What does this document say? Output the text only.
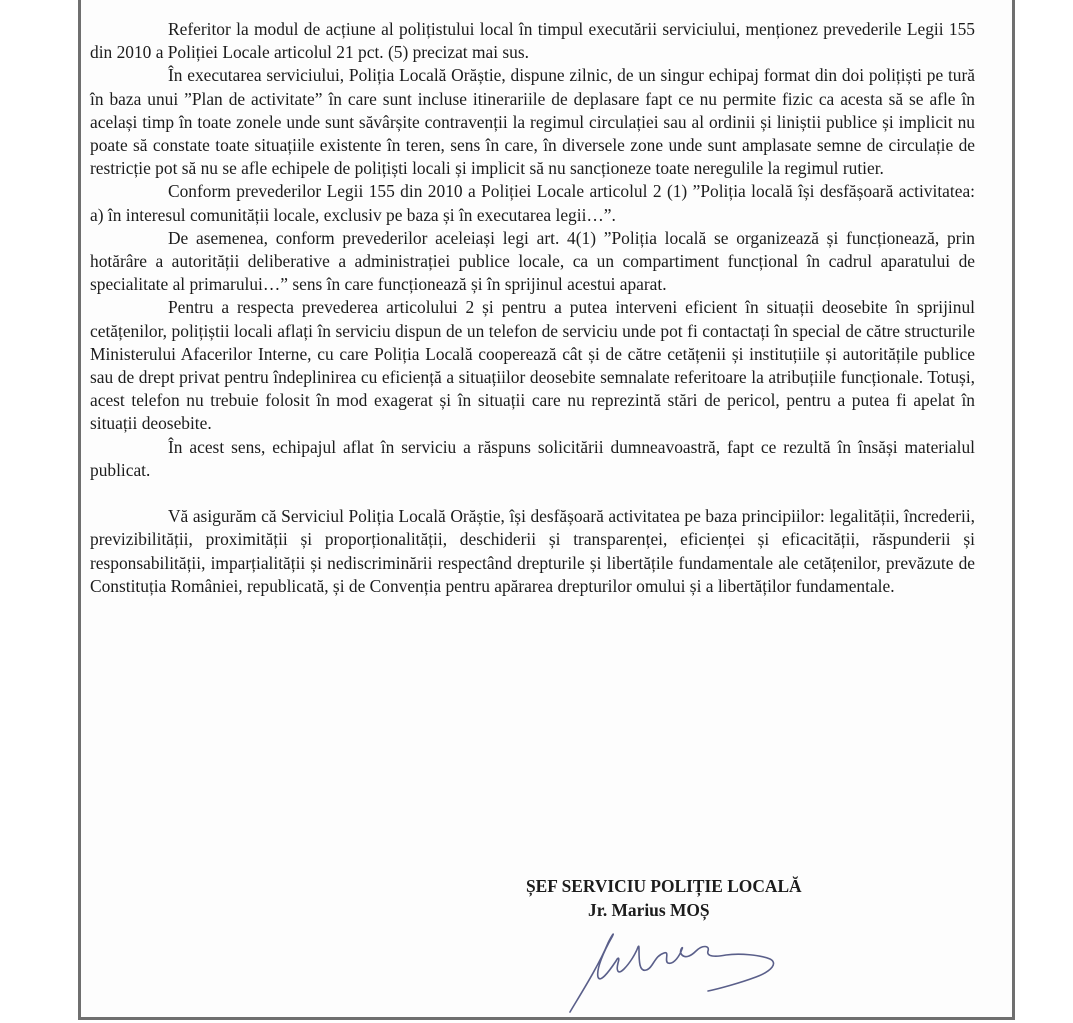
Referitor la modul de acțiune al polițistului local în timpul executării serviciului, menționez prevederile Legii 155 din 2010 a Poliției Locale articolul 21 pct. (5) precizat mai sus.

În executarea serviciului, Poliția Locală Orăștie, dispune zilnic, de un singur echipaj format din doi polițiști pe tură în baza unui ”Plan de activitate” în care sunt incluse itinerariile de deplasare fapt ce nu permite fizic ca acesta să se afle în același timp în toate zonele unde sunt săvârșite contravenții la regimul circulației sau al ordinii și liniștii publice și implicit nu poate să constate toate situațiile existente în teren, sens în care, în diversele zone unde sunt amplasate semne de circulație de restricție pot să nu se afle echipele de polițiști locali și implicit să nu sancționeze toate neregulile la regimul rutier.

Conform prevederilor Legii 155 din 2010 a Poliției Locale articolul 2 (1) ”Poliția locală își desfășoară activitatea: a) în interesul comunității locale, exclusiv pe baza și în executarea legii…”.

De asemenea, conform prevederilor aceleiași legi art. 4(1) ”Poliția locală se organizează și funcționează, prin hotărâre a autorității deliberative a administrației publice locale, ca un compartiment funcțional în cadrul aparatului de specialitate al primarului…” sens în care funcționează și în sprijinul acestui aparat.

Pentru a respecta prevederea articolului 2 și pentru a putea interveni eficient în situații deosebite în sprijinul cetățenilor, polițiștii locali aflați în serviciu dispun de un telefon de serviciu unde pot fi contactați în special de către structurile Ministerului Afacerilor Interne, cu care Poliția Locală cooperează cât și de către cetățenii și instituțiile și autoritățile publice sau de drept privat pentru îndeplinirea cu eficiență a situațiilor deosebite semnalate referitoare la atribuțiile funcționale. Totuși, acest telefon nu trebuie folosit în mod exagerat și în situații care nu reprezintă stări de pericol, pentru a putea fi apelat în situații deosebite.

În acest sens, echipajul aflat în serviciu a răspuns solicitării dumneavoastră, fapt ce rezultă în însăși materialul publicat.

Vă asigurăm că Serviciul Poliția Locală Orăștie, își desfășoară activitatea pe baza principiilor: legalității, încrederii, previzibilității, proximității și proporționalității, deschiderii și transparenței, eficienței și eficacității, răspunderii și responsabilității, imparțialității și nediscriminării respectând drepturile și libertățile fundamentale ale cetățenilor, prevăzute de Constituția României, republicată, și de Convenția pentru apărarea drepturilor omului și a libertăților fundamentale.

ȘEF SERVICIU POLIȚIE LOCALĂ
Jr. Marius MOȘ
